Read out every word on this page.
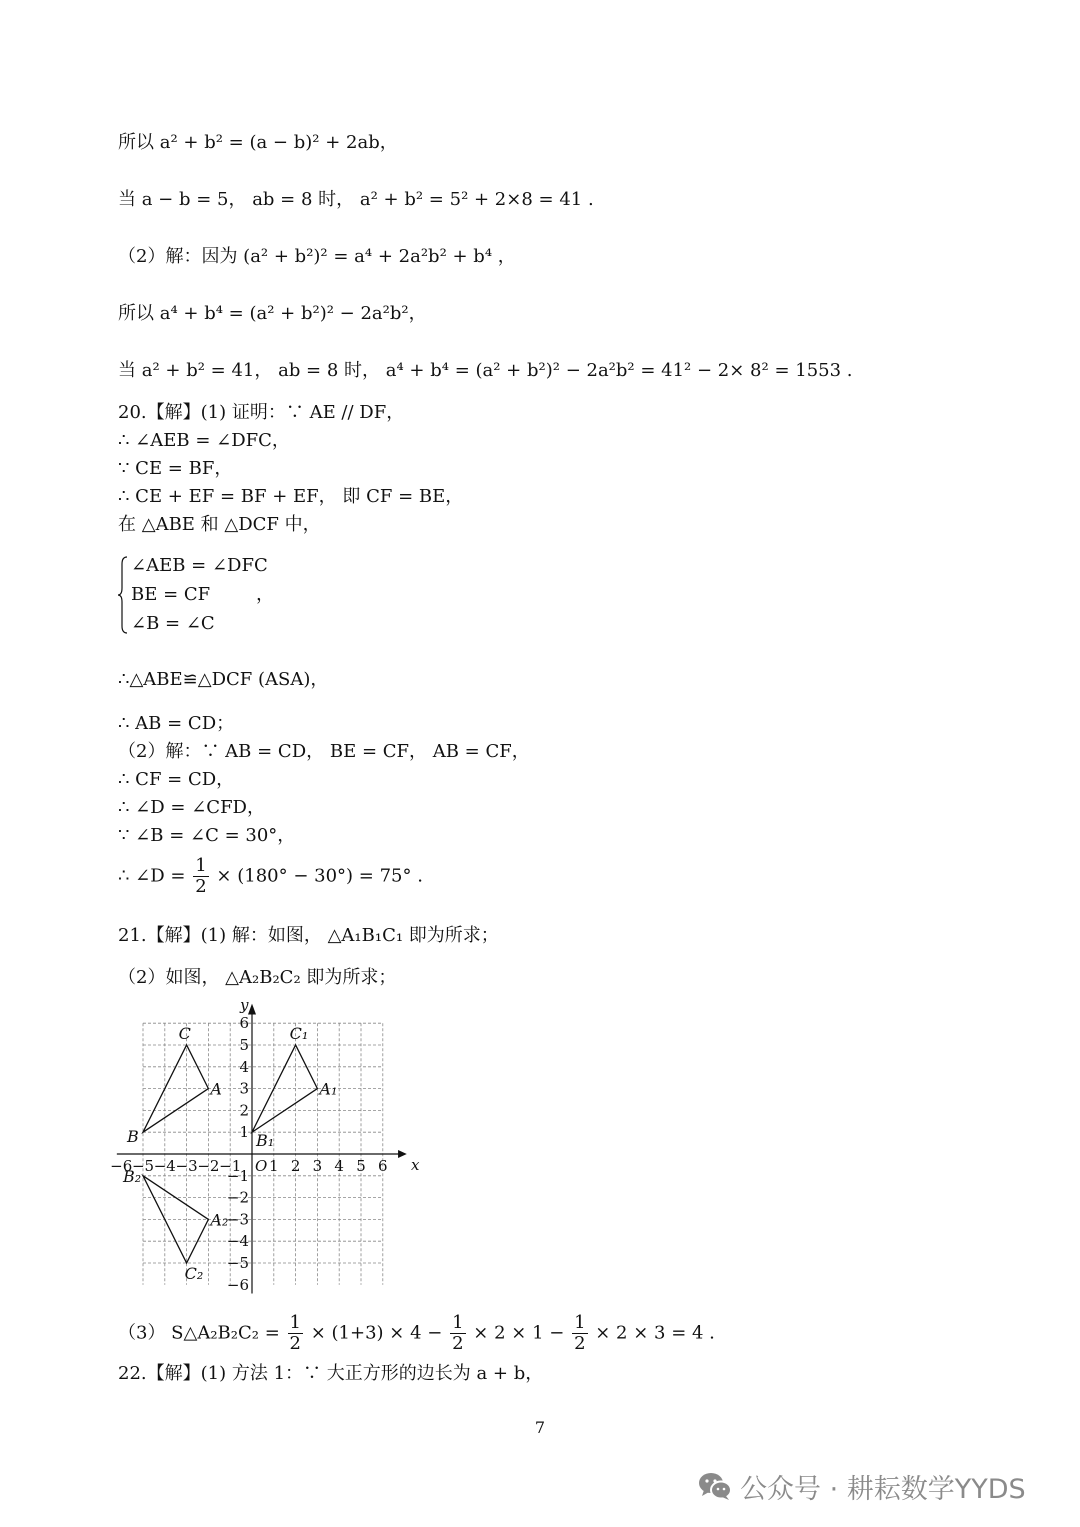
所以 a² + b² = (a − b)² + 2ab，
当 a − b = 5， ab = 8 时， a² + b² = 5² + 2×8 = 41 .
（2）解：因为 (a² + b²)² = a⁴ + 2a²b² + b⁴ ，
所以 a⁴ + b⁴ = (a² + b²)² − 2a²b²，
当 a² + b² = 41， ab = 8 时， a⁴ + b⁴ = (a² + b²)² − 2a²b² = 41² − 2× 8² = 1553 .
20.【解】(1) 证明：∵ AE // DF，
∴ ∠AEB = ∠DFC，
∵ CE = BF，
∴ CE + EF = BF + EF， 即 CF = BE，
在 △ABE 和 △DCF 中，
∠AEB = ∠DFC
BE = CF
∠B = ∠C
，
∴△ABE≌△DCF (ASA)，
∴ AB = CD；
（2）解：∵ AB = CD， BE = CF， AB = CF，
∴ CF = CD，
∴ ∠D = ∠CFD，
∵ ∠B = ∠C = 30°，
∴ ∠D = $\frac{1}{2} \times (180^\circ - 30^\circ) = 75^\circ$ .
21.【解】(1) 解：如图， △A₁B₁C₁ 即为所求；
（2）如图， △A₂B₂C₂ 即为所求；
−6 −5 −4 −3 −2 −1 1 2 3 4 5 6
6
5
4
3
2
1
−1
−2
−3
−4
−5
−6
O	x
y
A
B
C
A₁
B₁
C₁
A₂
B₂
C₂
（3） S△A₂B₂C₂ = $\frac{1}{2} \times (1+3) \times 4 - \frac{1}{2} \times 2 \times 1 - \frac{1}{2} \times 2 \times 3 = 4$ .
22.【解】(1) 方法 1：∵ 大正方形的边长为 a + b，
7
公众号 · 耕耘数学YYDS
